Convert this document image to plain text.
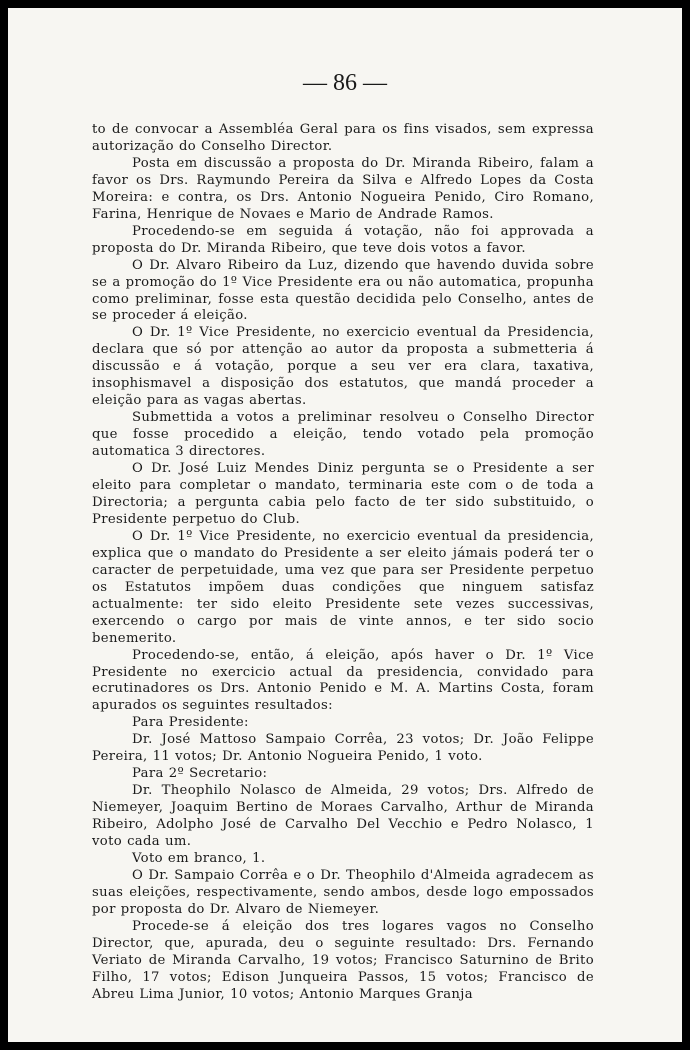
— 86 —

to de convocar a Assembléa Geral para os fins visados, sem expressa autorização do Conselho Director.

Posta em discussão a proposta do Dr. Miranda Ribeiro, falam a favor os Drs. Raymundo Pereira da Silva e Alfredo Lopes da Costa Moreira: e contra, os Drs. Antonio Nogueira Penido, Ciro Romano, Farina, Henrique de Novaes e Mario de Andrade Ramos.

Procedendo-se em seguida á votação, não foi approvada a proposta do Dr. Miranda Ribeiro, que teve dois votos a favor.

O Dr. Alvaro Ribeiro da Luz, dizendo que havendo duvida sobre se a promoção do 1º Vice Presidente era ou não automatica, propunha como preliminar, fosse esta questão decidida pelo Conselho, antes de se proceder á eleição.

O Dr. 1º Vice Presidente, no exercicio eventual da Presidencia, declara que só por attenção ao autor da proposta a submetteria á discussão e á votação, porque a seu ver era clara, taxativa, insophismavel a disposição dos estatutos, que mandá proceder a eleição para as vagas abertas.

Submettida a votos a preliminar resolveu o Conselho Director que fosse procedido a eleição, tendo votado pela promoção automatica 3 directores.

O Dr. José Luiz Mendes Diniz pergunta se o Presidente a ser eleito para completar o mandato, terminaria este com o de toda a Directoria; a pergunta cabia pelo facto de ter sido substituido, o Presidente perpetuo do Club.

O Dr. 1º Vice Presidente, no exercicio eventual da presidencia, explica que o mandato do Presidente a ser eleito jámais poderá ter o caracter de perpetuidade, uma vez que para ser Presidente perpetuo os Estatutos impõem duas condições que ninguem satisfaz actualmente: ter sido eleito Presidente sete vezes successivas, exercendo o cargo por mais de vinte annos, e ter sido socio benemerito.

Procedendo-se, então, á eleição, após haver o Dr. 1º Vice Presidente no exercicio actual da presidencia, convidado para ecrutinadores os Drs. Antonio Penido e M. A. Martins Costa, foram apurados os seguintes resultados:

Para Presidente:

Dr. José Mattoso Sampaio Corrêa, 23 votos; Dr. João Felippe Pereira, 11 votos; Dr. Antonio Nogueira Penido, 1 voto.

Para 2º Secretario:

Dr. Theophilo Nolasco de Almeida, 29 votos; Drs. Alfredo de Niemeyer, Joaquim Bertino de Moraes Carvalho, Arthur de Miranda Ribeiro, Adolpho José de Carvalho Del Vecchio e Pedro Nolasco, 1 voto cada um.

Voto em branco, 1.

O Dr. Sampaio Corrêa e o Dr. Theophilo d'Almeida agradecem as suas eleições, respectivamente, sendo ambos, desde logo empossados por proposta do Dr. Alvaro de Niemeyer.

Procede-se á eleição dos tres logares vagos no Conselho Director, que, apurada, deu o seguinte resultado: Drs. Fernando Veriato de Miranda Carvalho, 19 votos; Francisco Saturnino de Brito Filho, 17 votos; Edison Junqueira Passos, 15 votos; Francisco de Abreu Lima Junior, 10 votos; Antonio Marques Granja
